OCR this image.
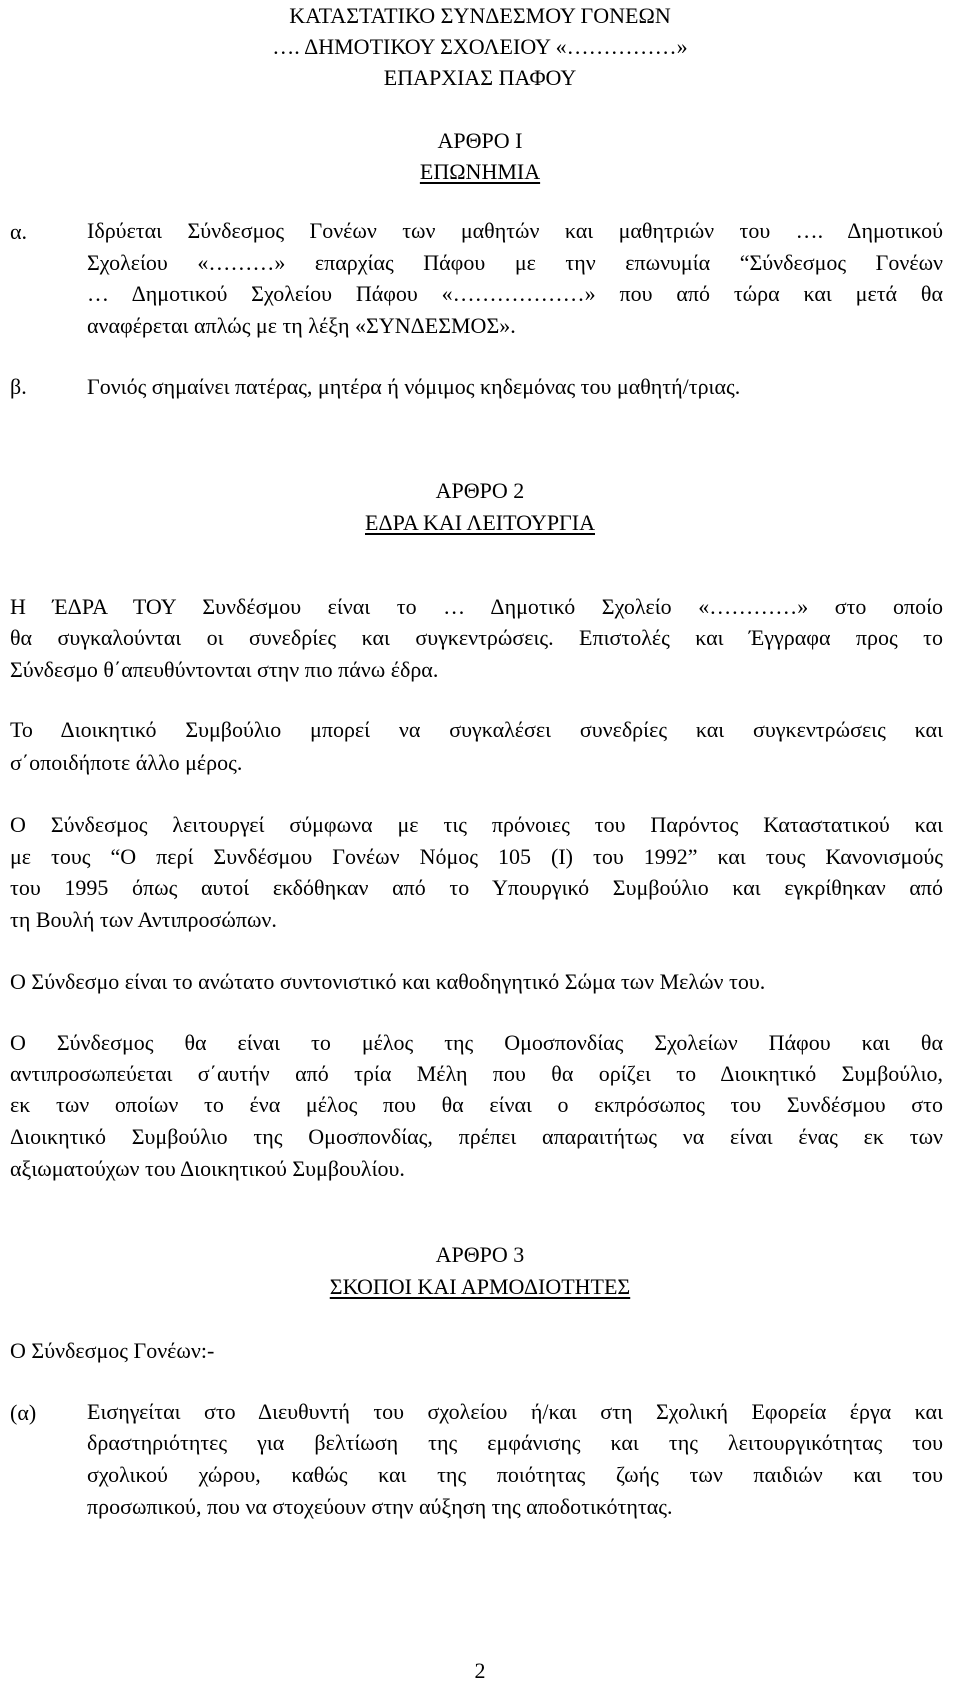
ΚΑΤΑΣΤΑΤΙΚΟ ΣΥΝΔΕΣΜΟΥ ΓΟΝΕΩΝ
…. ΔΗΜΟΤΙΚΟΥ ΣΧΟΛΕΙΟΥ «……………»
ΕΠΑΡΧΙΑΣ ΠΑΦΟΥ
ΑΡΘΡΟ Ι
ΕΠΩΝΗΜΙΑ
α.	Ιδρύεται Σύνδεσμος Γονέων των μαθητών και μαθητριών του …. Δημοτικού
Σχολείου «………» επαρχίας Πάφου με την επωνυμία “Σύνδεσμος Γονέων
… Δημοτικού Σχολείου Πάφου «………………» που από τώρα και μετά θα
αναφέρεται απλώς με τη λέξη «ΣΥΝΔΕΣΜΟΣ».
β.	Γονιός σημαίνει πατέρας, μητέρα ή νόμιμος κηδεμόνας του μαθητή/τριας.
ΑΡΘΡΟ 2
ΕΔΡΑ ΚΑΙ ΛΕΙΤΟΥΡΓΙΑ
Η ΈΔΡΑ ΤΟΥ Συνδέσμου είναι το … Δημοτικό Σχολείο «…………» στο οποίο
θα συγκαλούνται οι συνεδρίες και συγκεντρώσεις. Επιστολές και Έγγραφα προς το
Σύνδεσμο θ΄απευθύντονται στην πιο πάνω έδρα.
Το Διοικητικό Συμβούλιο μπορεί να συγκαλέσει συνεδρίες και συγκεντρώσεις και
σ΄οποιδήποτε άλλο μέρος.
Ο Σύνδεσμος λειτουργεί σύμφωνα με τις πρόνοιες του Παρόντος Καταστατικού και
με τους “Ο περί Συνδέσμου Γονέων Νόμος 105 (Ι) του 1992” και τους Κανονισμούς
του 1995 όπως αυτοί εκδόθηκαν από το Υπουργικό Συμβούλιο και εγκρίθηκαν από
τη Βουλή των Αντιπροσώπων.
Ο Σύνδεσμο είναι το ανώτατο συντονιστικό και καθοδηγητικό Σώμα των Μελών του.
Ο Σύνδεσμος θα είναι το μέλος της Ομοσπονδίας Σχολείων Πάφου και θα
αντιπροσωπεύεται σ΄αυτήν από τρία Μέλη που θα ορίζει το Διοικητικό Συμβούλιο,
εκ των οποίων το ένα μέλος που θα είναι ο εκπρόσωπος του Συνδέσμου στο
Διοικητικό Συμβούλιο της Ομοσπονδίας, πρέπει απαραιτήτως να είναι ένας εκ των
αξιωματούχων του Διοικητικού Συμβουλίου.
ΑΡΘΡΟ 3
ΣΚΟΠΟΙ ΚΑΙ ΑΡΜΟΔΙΟΤΗΤΕΣ
Ο Σύνδεσμος Γονέων:-
(α) Εισηγείται στο Διευθυντή του σχολείου ή/και στη Σχολική Εφορεία έργα και
δραστηριότητες για βελτίωση της εμφάνισης και της λειτουργικότητας του
σχολικού χώρου, καθώς και της ποιότητας ζωής των παιδιών και του
προσωπικού, που να στοχεύουν στην αύξηση της αποδοτικότητας.
2
